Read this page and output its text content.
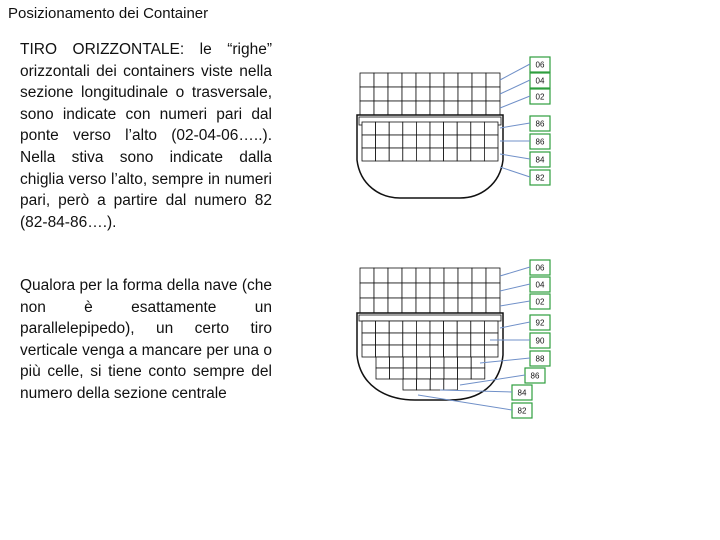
Posizionamento dei Container

TIRO ORIZZONTALE: le “righe” orizzontali dei containers viste nella sezione longitudinale o trasversale, sono indicate con numeri pari dal ponte verso l’alto (02-04-06…..). Nella stiva sono indicate dalla chiglia verso l’alto, sempre in numeri pari, però a partire dal numero 82 (82-84-86….).

Qualora per la forma della nave (che non è esattamente un parallelepipedo), un certo tiro verticale venga a mancare per una o più celle, si tiene conto sempre del numero della sezione centrale

06
04
02
86
86
84
82
06
04
02
92
90
88
86
84
82
